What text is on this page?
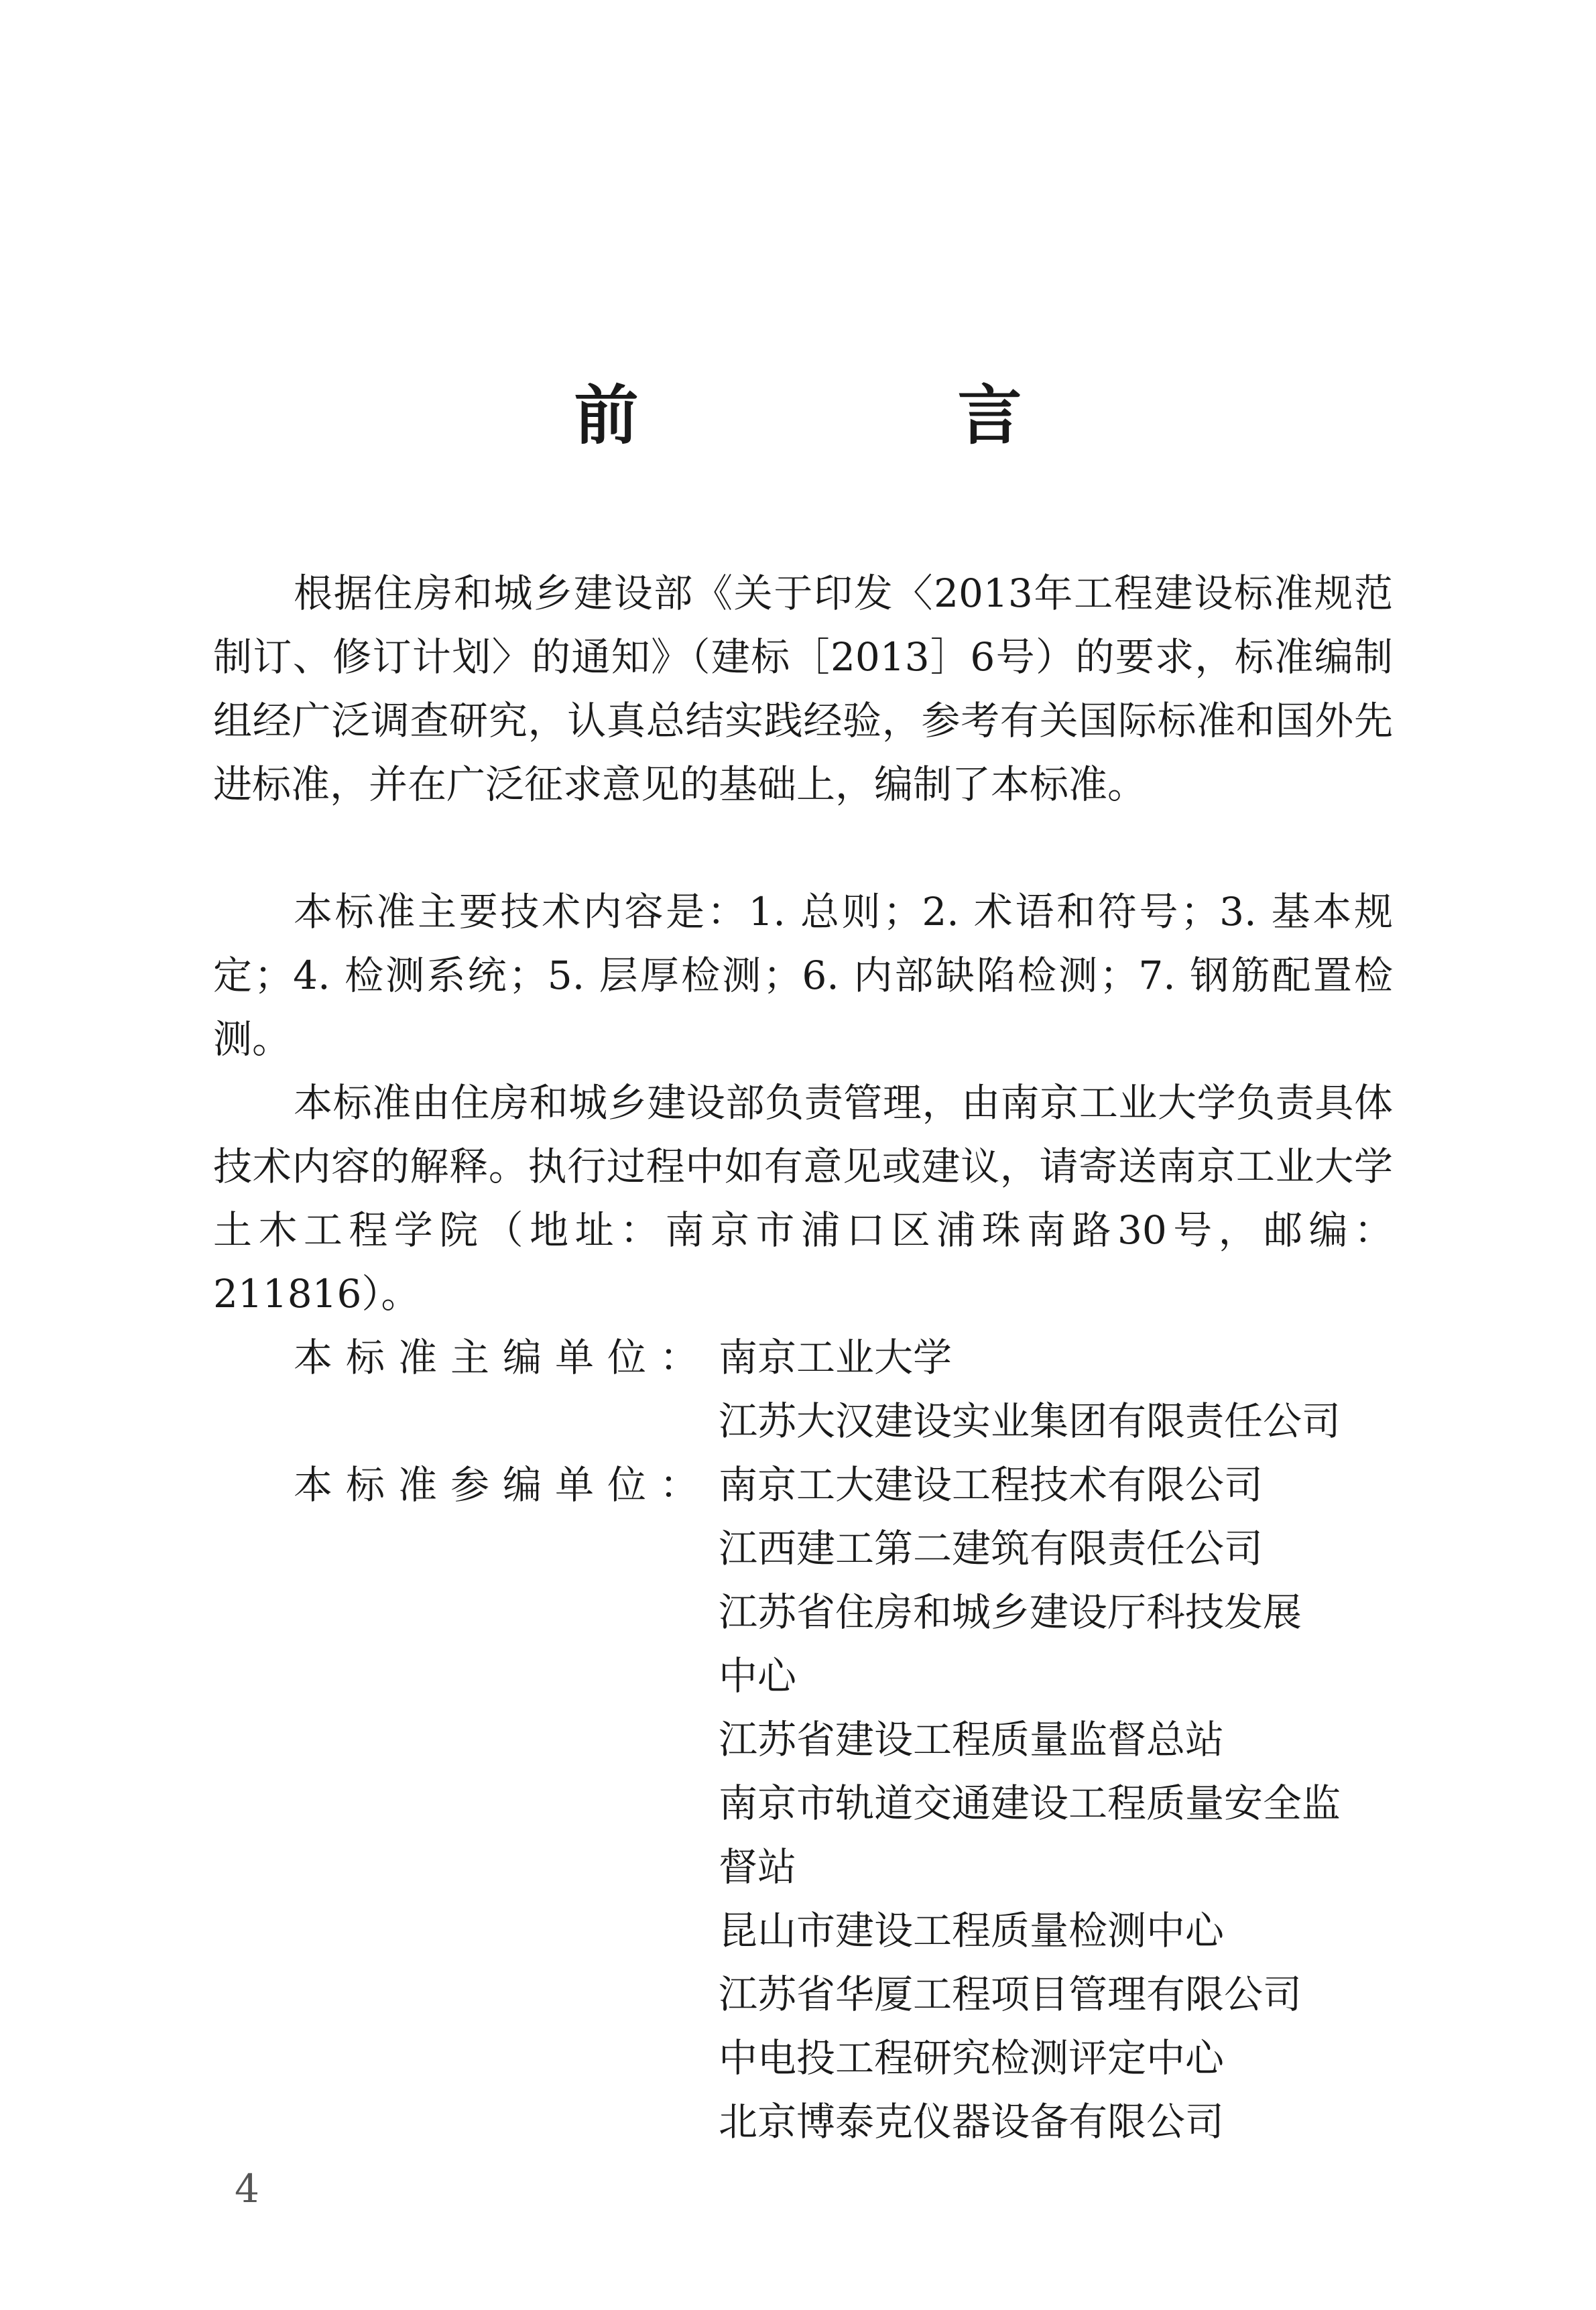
前　言

根据住房和城乡建设部《关于印发〈2013年工程建设标准规范制订、修订计划〉的通知》（建标［2013］6号）的要求，标准编制组经广泛调查研究，认真总结实践经验，参考有关国际标准和国外先进标准，并在广泛征求意见的基础上，编制了本标准。

本标准主要技术内容是：1. 总则；2. 术语和符号；3. 基本规定；4. 检测系统；5. 层厚检测；6. 内部缺陷检测；7. 钢筋配置检测。

本标准由住房和城乡建设部负责管理，由南京工业大学负责具体技术内容的解释。执行过程中如有意见或建议，请寄送南京工业大学土木工程学院（地址：南京市浦口区浦珠南路30号，邮编：211816）。

本标准主编单位： 南京工业大学
江苏大汉建设实业集团有限责任公司
本标准参编单位： 南京工大建设工程技术有限公司
江西建工第二建筑有限责任公司
江苏省住房和城乡建设厅科技发展
中心
江苏省建设工程质量监督总站
南京市轨道交通建设工程质量安全监
督站
昆山市建设工程质量检测中心
江苏省华厦工程项目管理有限公司
中电投工程研究检测评定中心
北京博泰克仪器设备有限公司
4
